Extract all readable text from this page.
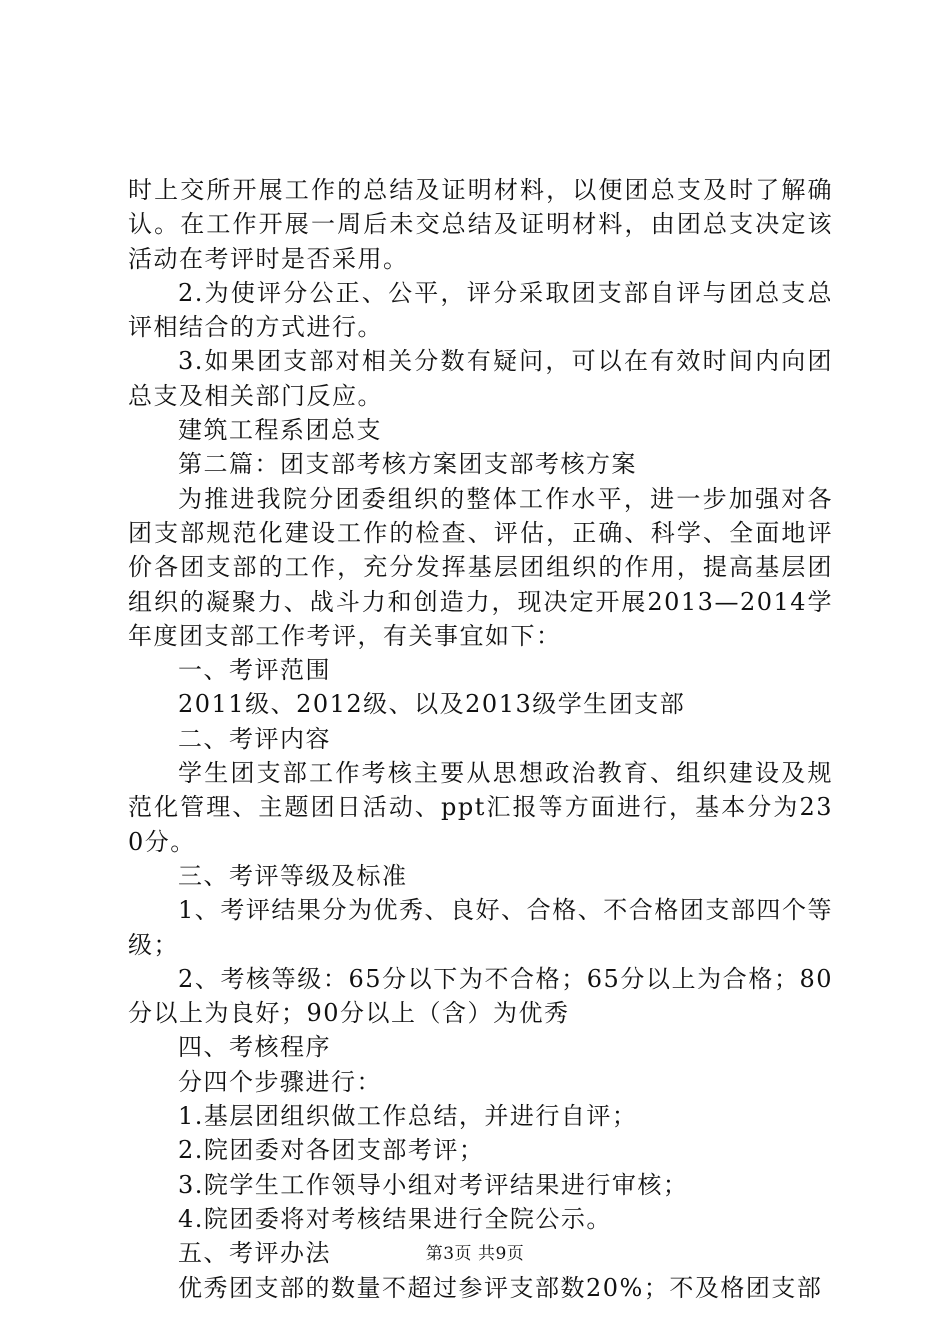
时上交所开展工作的总结及证明材料，以便团总支及时了解确认。在工作开展一周后未交总结及证明材料，由团总支决定该活动在考评时是否采用。

2.为使评分公正、公平，评分采取团支部自评与团总支总评相结合的方式进行。

3.如果团支部对相关分数有疑问，可以在有效时间内向团总支及相关部门反应。

建筑工程系团总支

第二篇：团支部考核方案团支部考核方案

为推进我院分团委组织的整体工作水平，进一步加强对各团支部规范化建设工作的检查、评估，正确、科学、全面地评价各团支部的工作，充分发挥基层团组织的作用，提高基层团组织的凝聚力、战斗力和创造力，现决定开展2013—2014学年度团支部工作考评，有关事宜如下：

一、考评范围

2011级、2012级、以及2013级学生团支部

二、考评内容

学生团支部工作考核主要从思想政治教育、组织建设及规范化管理、主题团日活动、ppt汇报等方面进行，基本分为230分。

三、考评等级及标准

1、考评结果分为优秀、良好、合格、不合格团支部四个等级；

2、考核等级：65分以下为不合格；65分以上为合格；80分以上为良好；90分以上（含）为优秀

四、考核程序

分四个步骤进行：

1.基层团组织做工作总结，并进行自评；

2.院团委对各团支部考评；

3.院学生工作领导小组对考评结果进行审核；

4.院团委将对考核结果进行全院公示。

五、考评办法

优秀团支部的数量不超过参评支部数20%；不及格团支部

第3页 共9页
